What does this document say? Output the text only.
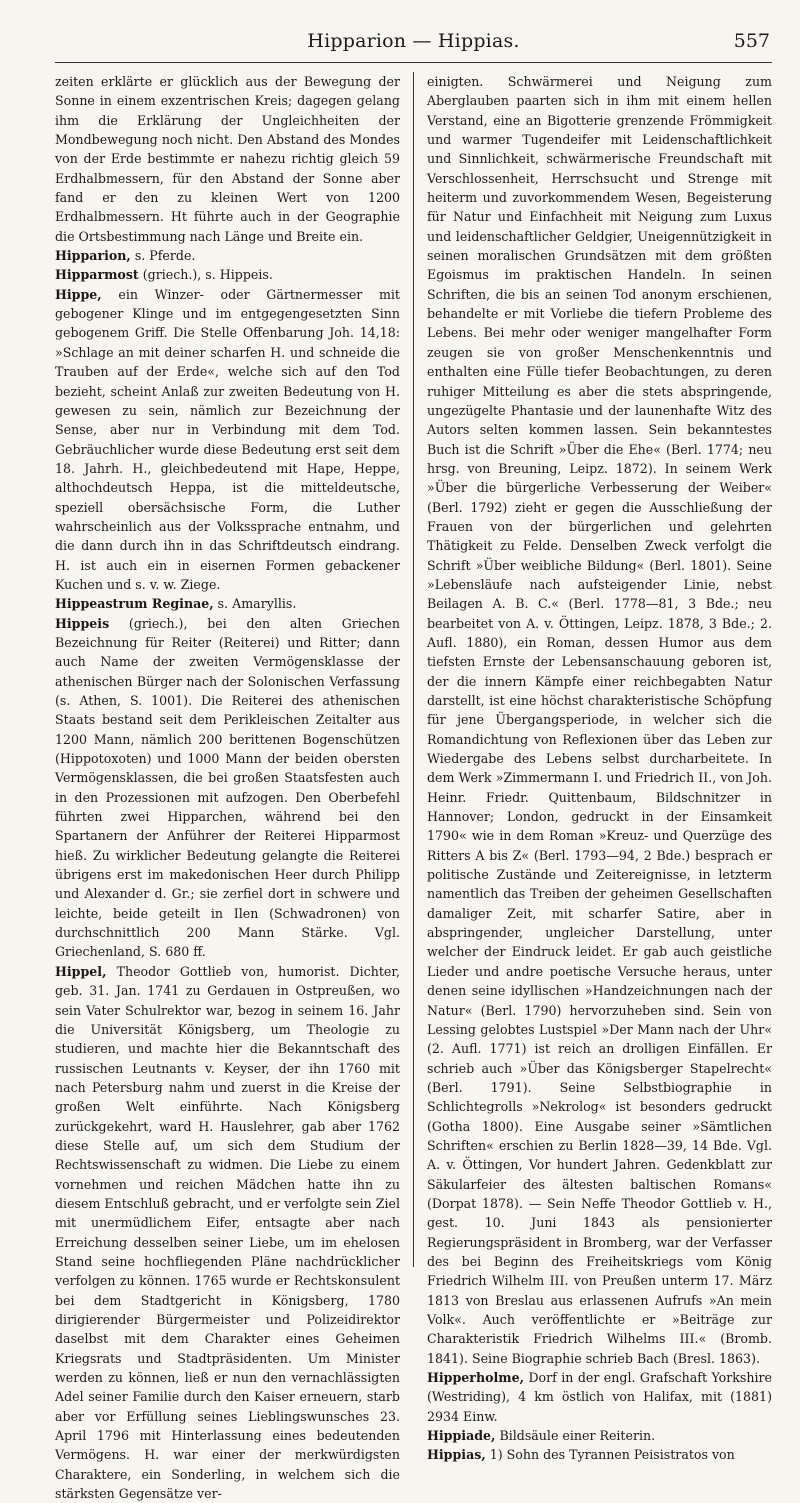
Hipparion — Hippias.	557

zeiten erklärte er glücklich aus der Bewegung der Sonne in einem exzentrischen Kreis; dagegen gelang ihm die Erklärung der Ungleichheiten der Mondbewegung noch nicht. Den Abstand des Mondes von der Erde bestimmte er nahezu richtig gleich 59 Erdhalbmessern, für den Abstand der Sonne aber fand er den zu kleinen Wert von 1200 Erdhalbmessern. Ht führte auch in der Geographie die Ortsbestimmung nach Länge und Breite ein.

Hipparion, s. Pferde.

Hipparmost (griech.), s. Hippeis.

Hippe, ein Winzer- oder Gärtnermesser mit gebogener Klinge und im entgegengesetzten Sinn gebogenem Griff. Die Stelle Offenbarung Joh. 14,18: »Schlage an mit deiner scharfen H. und schneide die Trauben auf der Erde«, welche sich auf den Tod bezieht, scheint Anlaß zur zweiten Bedeutung von H. gewesen zu sein, nämlich zur Bezeichnung der Sense, aber nur in Verbindung mit dem Tod. Gebräuchlicher wurde diese Bedeutung erst seit dem 18. Jahrh. H., gleichbedeutend mit Hape, Heppe, althochdeutsch Heppa, ist die mitteldeutsche, speziell obersächsische Form, die Luther wahrscheinlich aus der Volkssprache entnahm, und die dann durch ihn in das Schriftdeutsch eindrang. H. ist auch ein in eisernen Formen gebackener Kuchen und s. v. w. Ziege.

Hippeastrum Reginae, s. Amaryllis.

Hippeis (griech.), bei den alten Griechen Bezeichnung für Reiter (Reiterei) und Ritter; dann auch Name der zweiten Vermögensklasse der athenischen Bürger nach der Solonischen Verfassung (s. Athen, S. 1001). Die Reiterei des athenischen Staats bestand seit dem Perikleischen Zeitalter aus 1200 Mann, nämlich 200 berittenen Bogenschützen (Hippotoxoten) und 1000 Mann der beiden obersten Vermögensklassen, die bei großen Staatsfesten auch in den Prozessionen mit aufzogen. Den Oberbefehl führten zwei Hipparchen, während bei den Spartanern der Anführer der Reiterei Hipparmost hieß. Zu wirklicher Bedeutung gelangte die Reiterei übrigens erst im makedonischen Heer durch Philipp und Alexander d. Gr.; sie zerfiel dort in schwere und leichte, beide geteilt in Ilen (Schwadronen) von durchschnittlich 200 Mann Stärke. Vgl. Griechenland, S. 680 ff.

Hippel, Theodor Gottlieb von, humorist. Dichter, geb. 31. Jan. 1741 zu Gerdauen in Ostpreußen, wo sein Vater Schulrektor war, bezog in seinem 16. Jahr die Universität Königsberg, um Theologie zu studieren, und machte hier die Bekanntschaft des russischen Leutnants v. Keyser, der ihn 1760 mit nach Petersburg nahm und zuerst in die Kreise der großen Welt einführte. Nach Königsberg zurückgekehrt, ward H. Hauslehrer, gab aber 1762 diese Stelle auf, um sich dem Studium der Rechtswissenschaft zu widmen. Die Liebe zu einem vornehmen und reichen Mädchen hatte ihn zu diesem Entschluß gebracht, und er verfolgte sein Ziel mit unermüdlichem Eifer, entsagte aber nach Erreichung desselben seiner Liebe, um im ehelosen Stand seine hochfliegenden Pläne nachdrücklicher verfolgen zu können. 1765 wurde er Rechtskonsulent bei dem Stadtgericht in Königsberg, 1780 dirigierender Bürgermeister und Polizeidirektor daselbst mit dem Charakter eines Geheimen Kriegsrats und Stadtpräsidenten. Um Minister werden zu können, ließ er nun den vernachlässigten Adel seiner Familie durch den Kaiser erneuern, starb aber vor Erfüllung seines Lieblingswunsches 23. April 1796 mit Hinterlassung eines bedeutenden Vermögens. H. war einer der merkwürdigsten Charaktere, ein Sonderling, in welchem sich die stärksten Gegensätze ver-

einigten. Schwärmerei und Neigung zum Aberglauben paarten sich in ihm mit einem hellen Verstand, eine an Bigotterie grenzende Frömmigkeit und warmer Tugendeifer mit Leidenschaftlichkeit und Sinnlichkeit, schwärmerische Freundschaft mit Verschlossenheit, Herrschsucht und Strenge mit heiterm und zuvorkommendem Wesen, Begeisterung für Natur und Einfachheit mit Neigung zum Luxus und leidenschaftlicher Geldgier, Uneigennützigkeit in seinen moralischen Grundsätzen mit dem größten Egoismus im praktischen Handeln. In seinen Schriften, die bis an seinen Tod anonym erschienen, behandelte er mit Vorliebe die tiefern Probleme des Lebens. Bei mehr oder weniger mangelhafter Form zeugen sie von großer Menschenkenntnis und enthalten eine Fülle tiefer Beobachtungen, zu deren ruhiger Mitteilung es aber die stets abspringende, ungezügelte Phantasie und der launenhafte Witz des Autors selten kommen lassen. Sein bekanntestes Buch ist die Schrift »Über die Ehe« (Berl. 1774; neu hrsg. von Breuning, Leipz. 1872). In seinem Werk »Über die bürgerliche Verbesserung der Weiber« (Berl. 1792) zieht er gegen die Ausschließung der Frauen von der bürgerlichen und gelehrten Thätigkeit zu Felde. Denselben Zweck verfolgt die Schrift »Über weibliche Bildung« (Berl. 1801). Seine »Lebensläufe nach aufsteigender Linie, nebst Beilagen A. B. C.« (Berl. 1778—81, 3 Bde.; neu bearbeitet von A. v. Öttingen, Leipz. 1878, 3 Bde.; 2. Aufl. 1880), ein Roman, dessen Humor aus dem tiefsten Ernste der Lebensanschauung geboren ist, der die innern Kämpfe einer reichbegabten Natur darstellt, ist eine höchst charakteristische Schöpfung für jene Übergangsperiode, in welcher sich die Romandichtung von Reflexionen über das Leben zur Wiedergabe des Lebens selbst durcharbeitete. In dem Werk »Zimmermann I. und Friedrich II., von Joh. Heinr. Friedr. Quittenbaum, Bildschnitzer in Hannover; London, gedruckt in der Einsamkeit 1790« wie in dem Roman »Kreuz- und Querzüge des Ritters A bis Z« (Berl. 1793—94, 2 Bde.) besprach er politische Zustände und Zeitereignisse, in letzterm namentlich das Treiben der geheimen Gesellschaften damaliger Zeit, mit scharfer Satire, aber in abspringender, ungleicher Darstellung, unter welcher der Eindruck leidet. Er gab auch geistliche Lieder und andre poetische Versuche heraus, unter denen seine idyllischen »Handzeichnungen nach der Natur« (Berl. 1790) hervorzuheben sind. Sein von Lessing gelobtes Lustspiel »Der Mann nach der Uhr« (2. Aufl. 1771) ist reich an drolligen Einfällen. Er schrieb auch »Über das Königsberger Stapelrecht« (Berl. 1791). Seine Selbstbiographie in Schlichtegrolls »Nekrolog« ist besonders gedruckt (Gotha 1800). Eine Ausgabe seiner »Sämtlichen Schriften« erschien zu Berlin 1828—39, 14 Bde. Vgl. A. v. Öttingen, Vor hundert Jahren. Gedenkblatt zur Säkularfeier des ältesten baltischen Romans« (Dorpat 1878). — Sein Neffe Theodor Gottlieb v. H., gest. 10. Juni 1843 als pensionierter Regierungspräsident in Bromberg, war der Verfasser des bei Beginn des Freiheitskriegs vom König Friedrich Wilhelm III. von Preußen unterm 17. März 1813 von Breslau aus erlassenen Aufrufs »An mein Volk«. Auch veröffentlichte er »Beiträge zur Charakteristik Friedrich Wilhelms III.« (Bromb. 1841). Seine Biographie schrieb Bach (Bresl. 1863).

Hipperholme, Dorf in der engl. Grafschaft Yorkshire (Westriding), 4 km östlich von Halifax, mit (1881) 2934 Einw.

Hippiade, Bildsäule einer Reiterin.

Hippias, 1) Sohn des Tyrannen Peisistratos von
